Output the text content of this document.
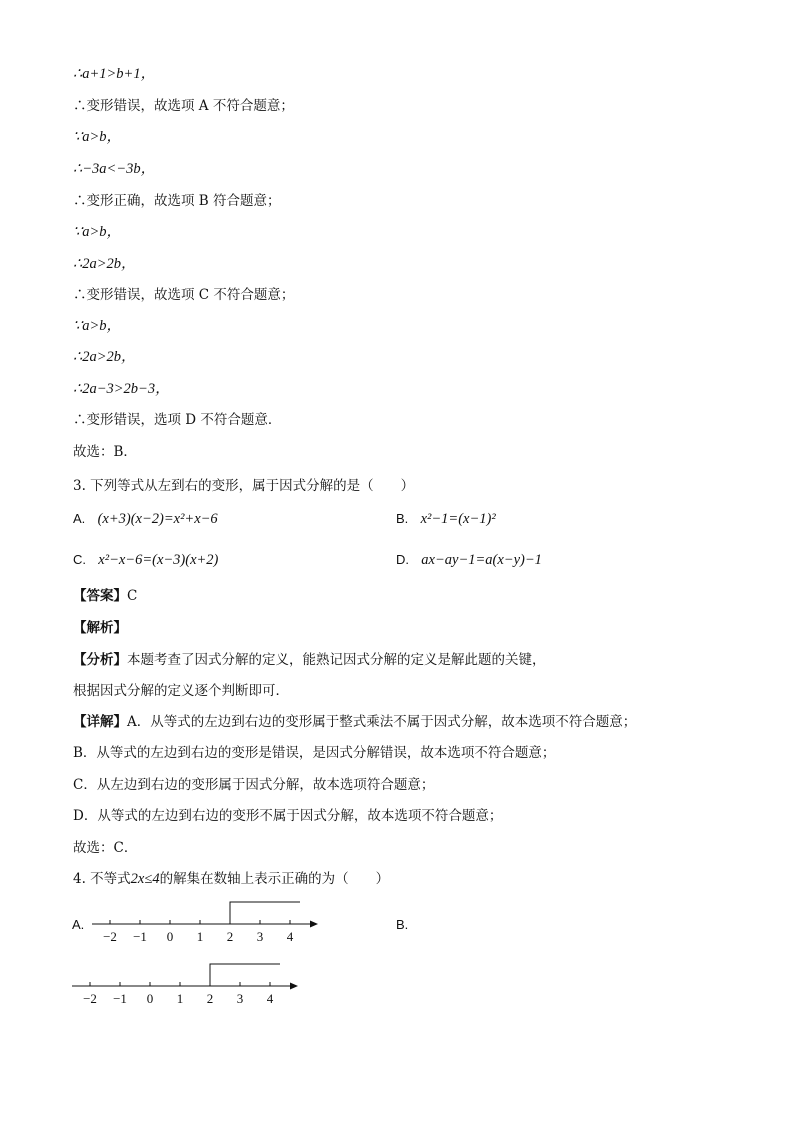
∴a+1>b+1，
∴变形错误，故选项 A 不符合题意；
∵a>b，
∴−3a<−3b，
∴变形正确，故选项 B 符合题意；
∵a>b，
∴2a>2b，
∴变形错误，故选项 C 不符合题意；
∵a>b，
∴2a>2b，
∴2a−3>2b−3，
∴变形错误，选项 D 不符合题意．
故选：B．
3. 下列等式从左到右的变形，属于因式分解的是（　　）
A. (x+3)(x−2)=x²+x−6	B. x²−1=(x−1)²
C. x²−x−6=(x−3)(x+2)	D. ax−ay−1=a(x−y)−1
【答案】C
【解析】
【分析】本题考查了因式分解的定义，能熟记因式分解的定义是解此题的关键，
根据因式分解的定义逐个判断即可．
【详解】A．从等式的左边到右边的变形属于整式乘法不属于因式分解，故本选项不符合题意；
B．从等式的左边到右边的变形是错误，是因式分解错误，故本选项不符合题意；
C．从左边到右边的变形属于因式分解，故本选项符合题意；
D．从等式的左边到右边的变形不属于因式分解，故本选项不符合题意；
故选：C．
4. 不等式2x≤4的解集在数轴上表示正确的为（　　）
A.	B.
−2 −1 0 1 2 3 4
−2 −1 0 1 2 3 4
